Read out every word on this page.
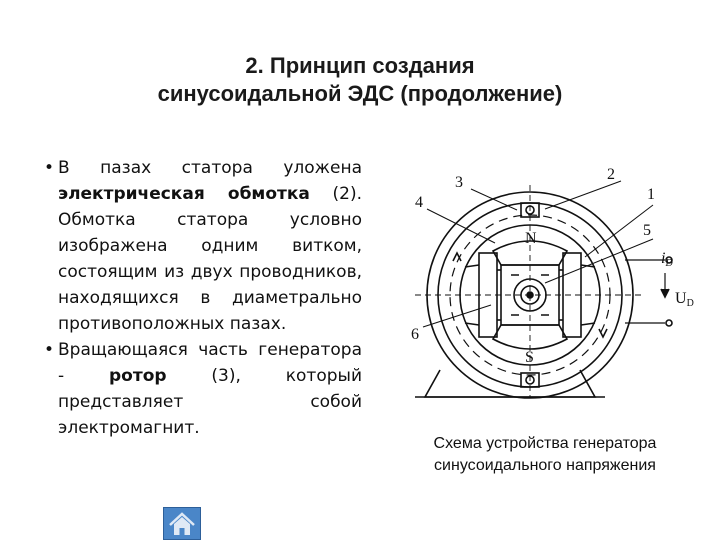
2. Принцип создания
синусоидальной ЭДС (продолжение)
• В пазах статора уложена электрическая обмотка (2). Обмотка статора условно изображена одним витком, состоящим из двух проводников, находящихся в диаметрально противоположных пазах.
• Вращающаяся часть генератора - ротор (3), который представляет собой электромагнит.
1
2
3
4
5
6
N
S
iD
UD
Схема устройства генератора
синусоидального напряжения
